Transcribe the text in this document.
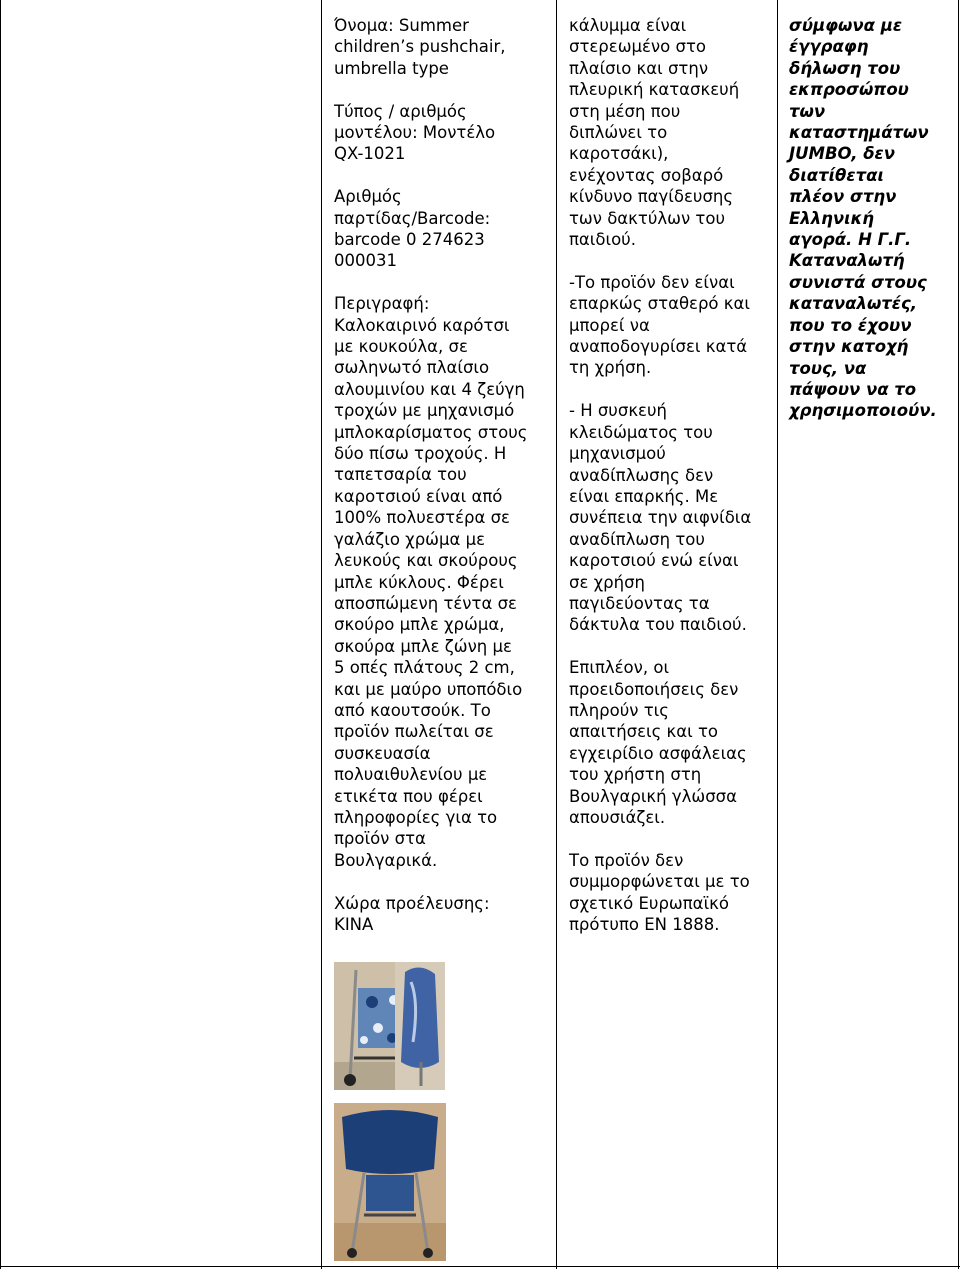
Όνομα: Summer
children’s pushchair,
umbrella type

Τύπος / αριθμός
μοντέλου: Μοντέλο
QX-1021

Αριθμός
παρτίδας/Barcode:
barcode 0 274623
000031

Περιγραφή:
Καλοκαιρινό καρότσι
με κουκούλα, σε
σωληνωτό πλαίσιο
αλουμινίου και 4 ζεύγη
τροχών με μηχανισμό
μπλοκαρίσματος στους
δύο πίσω τροχούς. Η
ταπετσαρία του
καροτσιού είναι από
100% πολυεστέρα σε
γαλάζιο χρώμα με
λευκούς και σκούρους
μπλε κύκλους. Φέρει
αποσπώμενη τέντα σε
σκούρο μπλε χρώμα,
σκούρα μπλε ζώνη με
5 οπές πλάτους 2 cm,
και με μαύρο υποπόδιο
από καουτσούκ. Το
προϊόν πωλείται σε
συσκευασία
πολυαιθυλενίου με
ετικέτα που φέρει
πληροφορίες για το
προϊόν στα
Βουλγαρικά.

Χώρα προέλευσης:
ΚΙΝΑ

κάλυμμα είναι
στερεωμένο στο
πλαίσιο και στην
πλευρική κατασκευή
στη μέση που
διπλώνει το
καροτσάκι),
ενέχοντας σοβαρό
κίνδυνο παγίδευσης
των δακτύλων του
παιδιού.

-Το προϊόν δεν είναι
επαρκώς σταθερό και
μπορεί να
αναποδογυρίσει κατά
τη χρήση.

- Η συσκευή
κλειδώματος του
μηχανισμού
αναδίπλωσης δεν
είναι επαρκής. Με
συνέπεια την αιφνίδια
αναδίπλωση του
καροτσιού ενώ είναι
σε χρήση
παγιδεύοντας τα
δάκτυλα του παιδιού.

Επιπλέον, οι
προειδοποιήσεις δεν
πληρούν τις
απαιτήσεις και το
εγχειρίδιο ασφάλειας
του χρήστη στη
Βουλγαρική γλώσσα
απουσιάζει.

Το προϊόν δεν
συμμορφώνεται με το
σχετικό Ευρωπαϊκό
πρότυπο ΕΝ 1888.

σύμφωνα με
έγγραφη
δήλωση του
εκπροσώπου
των
καταστημάτων
JUMBO, δεν
διατίθεται
πλέον στην
Ελληνική
αγορά. Η Γ.Γ.
Καταναλωτή
συνιστά στους
καταναλωτές,
που το έχουν
στην κατοχή
τους, να
πάψουν να το
χρησιμοποιούν.
